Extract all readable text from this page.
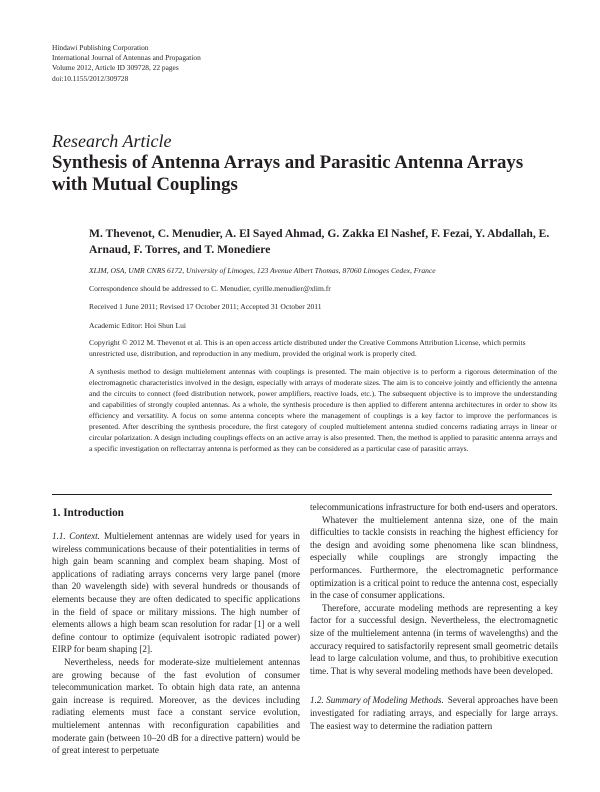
Hindawi Publishing Corporation
International Journal of Antennas and Propagation
Volume 2012, Article ID 309728, 22 pages
doi:10.1155/2012/309728
Research Article
Synthesis of Antenna Arrays and Parasitic Antenna Arrays with Mutual Couplings
M. Thevenot, C. Menudier, A. El Sayed Ahmad, G. Zakka El Nashef, F. Fezai, Y. Abdallah, E. Arnaud, F. Torres, and T. Monediere
XLIM, OSA, UMR CNRS 6172, University of Limoges, 123 Avenue Albert Thomas, 87060 Limoges Cedex, France
Correspondence should be addressed to C. Menudier, cyrille.menudier@xlim.fr
Received 1 June 2011; Revised 17 October 2011; Accepted 31 October 2011
Academic Editor: Hoi Shun Lui
Copyright © 2012 M. Thevenot et al. This is an open access article distributed under the Creative Commons Attribution License, which permits unrestricted use, distribution, and reproduction in any medium, provided the original work is properly cited.
A synthesis method to design multielement antennas with couplings is presented. The main objective is to perform a rigorous determination of the electromagnetic characteristics involved in the design, especially with arrays of moderate sizes. The aim is to conceive jointly and efficiently the antenna and the circuits to connect (feed distribution network, power amplifiers, reactive loads, etc.). The subsequent objective is to improve the understanding and capabilities of strongly coupled antennas. As a whole, the synthesis procedure is then applied to different antenna architectures in order to show its efficiency and versatility. A focus on some antenna concepts where the management of couplings is a key factor to improve the performances is presented. After describing the synthesis procedure, the first category of coupled multielement antenna studied concerns radiating arrays in linear or circular polarization. A design including couplings effects on an active array is also presented. Then, the method is applied to parasitic antenna arrays and a specific investigation on reflectarray antenna is performed as they can be considered as a particular case of parasitic arrays.
1. Introduction

1.1. Context. Multielement antennas are widely used for years in wireless communications because of their potentialities in terms of high gain beam scanning and complex beam shaping. Most of applications of radiating arrays concerns very large panel (more than 20 wavelength side) with several hundreds or thousands of elements because they are often dedicated to specific applications in the field of space or military missions. The high number of elements allows a high beam scan resolution for radar [1] or a well define contour to optimize (equivalent isotropic radiated power) EIRP for beam shaping [2].

Nevertheless, needs for moderate-size multielement antennas are growing because of the fast evolution of consumer telecommunication market. To obtain high data rate, an antenna gain increase is required. Moreover, as the devices including radiating elements must face a constant service evolution, multielement antennas with reconfiguration capabilities and moderate gain (between 10–20 dB for a directive pattern) would be of great interest to perpetuate

telecommunications infrastructure for both end-users and operators.

Whatever the multielement antenna size, one of the main difficulties to tackle consists in reaching the highest efficiency for the design and avoiding some phenomena like scan blindness, especially while couplings are strongly impacting the performances. Furthermore, the electromagnetic performance optimization is a critical point to reduce the antenna cost, especially in the case of consumer applications.

Therefore, accurate modeling methods are representing a key factor for a successful design. Nevertheless, the electromagnetic size of the multielement antenna (in terms of wavelengths) and the accuracy required to satisfactorily represent small geometric details lead to large calculation volume, and thus, to prohibitive execution time. That is why several modeling methods have been developed.

1.2. Summary of Modeling Methods. Several approaches have been investigated for radiating arrays, and especially for large arrays. The easiest way to determine the radiation pattern
